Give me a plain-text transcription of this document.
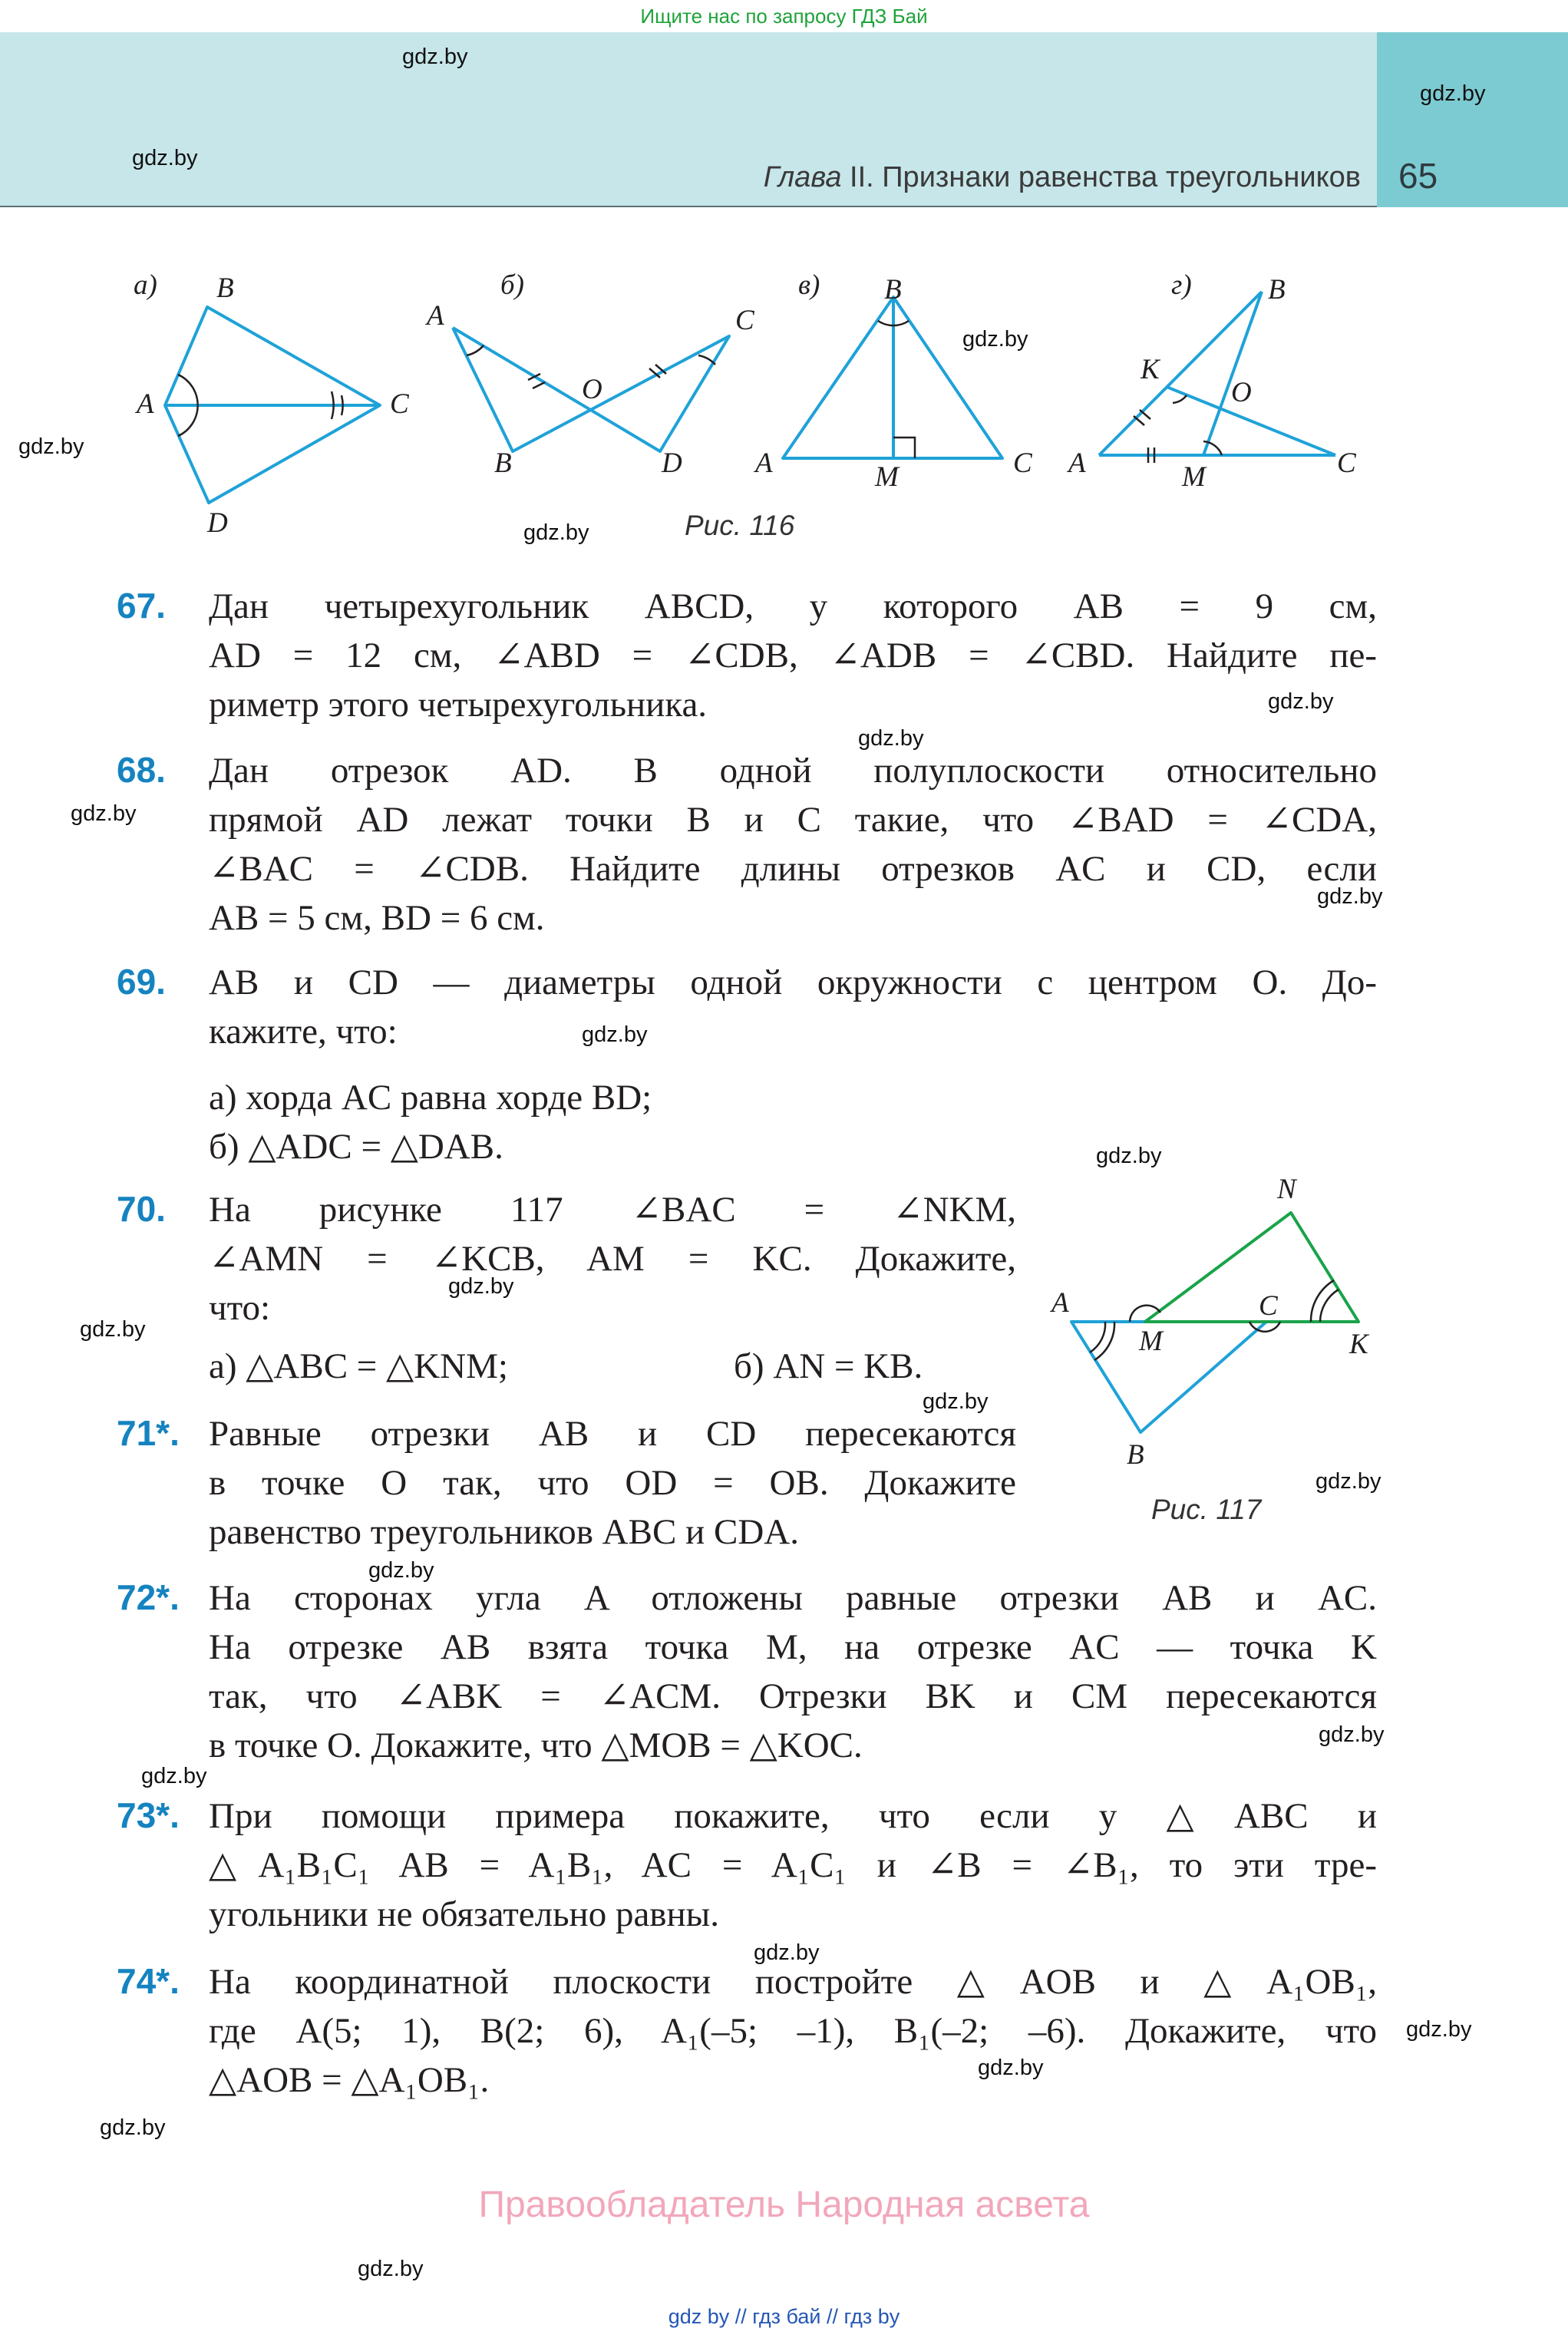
Ищите нас по запросу ГДЗ Бай
Глава II. Признаки равенства треугольников 65
gdz.by
gdz.by
gdz.by
gdz.by
gdz.by
gdz.by
gdz.by
gdz.by
gdz.by
gdz.by
gdz.by
gdz.by
gdz.by
gdz.by
gdz.by
gdz.by
gdz.by
gdz.by
gdz.by
gdz.by
gdz.by
gdz.by
gdz.by
gdz.by
а)	б)	в)	г)
B
A	C
D
A	C
O
B	D
B
A	M	C
B
K
O
A	M	C
Рис. 116
N
A	C
M	K
B
Рис. 117
67. Дан четырехугольник ABCD, у которого AB = 9 см,
AD = 12 см, ∠ABD = ∠CDB, ∠ADB = ∠CBD. Найдите пе-
риметр этого четырехугольника.
68. Дан отрезок AD. В одной полуплоскости относительно
прямой AD лежат точки B и C такие, что ∠BAD = ∠CDA,
∠BAC = ∠CDB. Найдите длины отрезков AC и CD, если
AB = 5 см, BD = 6 см.
69. AB и CD — диаметры одной окружности с центром O. До-
кажите, что:
а) хорда AC равна хорде BD;
б) △ADC = △DAB.
70. На рисунке 117 ∠BAC = ∠NKM,
∠AMN = ∠KCB, AM = KC. Докажите,
что:
а) △ABC = △KNM;	б) AN = KB.
71*. Равные отрезки AB и CD пересекаются
в точке O так, что OD = OB. Докажите
равенство треугольников ABC и CDA.
72*. На сторонах угла A отложены равные отрезки AB и AC.
На отрезке AB взята точка M, на отрезке AC — точка K
так, что ∠ABK = ∠ACM. Отрезки BK и CM пересекаются
в точке O. Докажите, что △MOB = △KOC.
73*. При помощи примера покажите, что если у △ABC и
△A₁B₁C₁ AB = A₁B₁, AC = A₁C₁ и ∠B = ∠B₁, то эти тре-
угольники не обязательно равны.
74*. На координатной плоскости постройте △AOB и △A₁OB₁,
где A(5; 1), B(2; 6), A₁(–5; –1), B₁(–2; –6). Докажите, что
△AOB = △A₁OB₁.
Правообладатель Народная асвета
gdz by // гдз бай // гдз by
